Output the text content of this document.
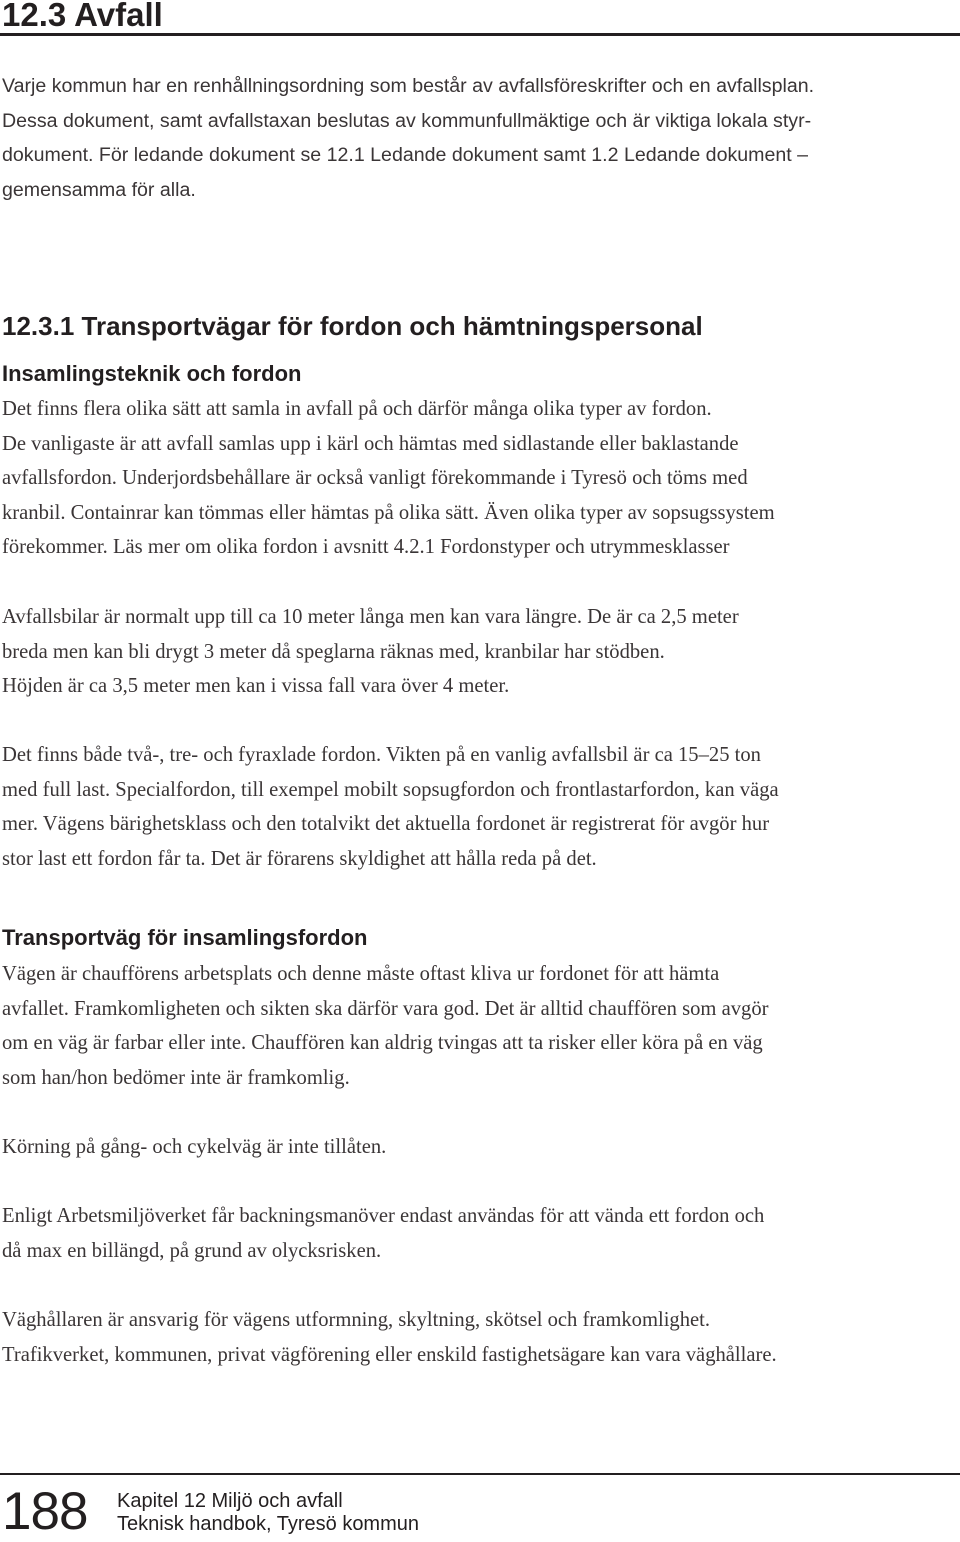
12.3 Avfall

Varje kommun har en renhållningsordning som består av avfallsföreskrifter och en avfallsplan.
Dessa dokument, samt avfallstaxan beslutas av kommunfullmäktige och är viktiga lokala styr-
dokument. För ledande dokument se 12.1 Ledande dokument samt 1.2 Ledande dokument –
gemensamma för alla.

12.3.1 Transportvägar för fordon och hämtningspersonal
Insamlingsteknik och fordon

Det finns flera olika sätt att samla in avfall på och därför många olika typer av fordon.
De vanligaste är att avfall samlas upp i kärl och hämtas med sidlastande eller baklastande
avfallsfordon. Underjordsbehållare är också vanligt förekommande i Tyresö och töms med
kranbil. Containrar kan tömmas eller hämtas på olika sätt. Även olika typer av sopsugssystem
förekommer. Läs mer om olika fordon i avsnitt 4.2.1 Fordonstyper och utrymmesklasser

Avfallsbilar är normalt upp till ca 10 meter långa men kan vara längre. De är ca 2,5 meter
breda men kan bli drygt 3 meter då speglarna räknas med, kranbilar har stödben.
Höjden är ca 3,5 meter men kan i vissa fall vara över 4 meter.

Det finns både två-, tre- och fyraxlade fordon. Vikten på en vanlig avfallsbil är ca 15–25 ton
med full last. Specialfordon, till exempel mobilt sopsugfordon och frontlastarfordon, kan väga
mer. Vägens bärighetsklass och den totalvikt det aktuella fordonet är registrerat för avgör hur
stor last ett fordon får ta. Det är förarens skyldighet att hålla reda på det.

Transportväg för insamlingsfordon

Vägen är chaufförens arbetsplats och denne måste oftast kliva ur fordonet för att hämta
avfallet. Framkomligheten och sikten ska därför vara god. Det är alltid chauffören som avgör
om en väg är farbar eller inte. Chauffören kan aldrig tvingas att ta risker eller köra på en väg
som han/hon bedömer inte är framkomlig.

Körning på gång- och cykelväg är inte tillåten.

Enligt Arbetsmiljöverket får backningsmanöver endast användas för att vända ett fordon och
då max en billängd, på grund av olycksrisken.

Väghållaren är ansvarig för vägens utformning, skyltning, skötsel och framkomlighet.
Trafikverket, kommunen, privat vägförening eller enskild fastighetsägare kan vara väghållare.

188 Kapitel 12 Miljö och avfall
Teknisk handbok, Tyresö kommun
